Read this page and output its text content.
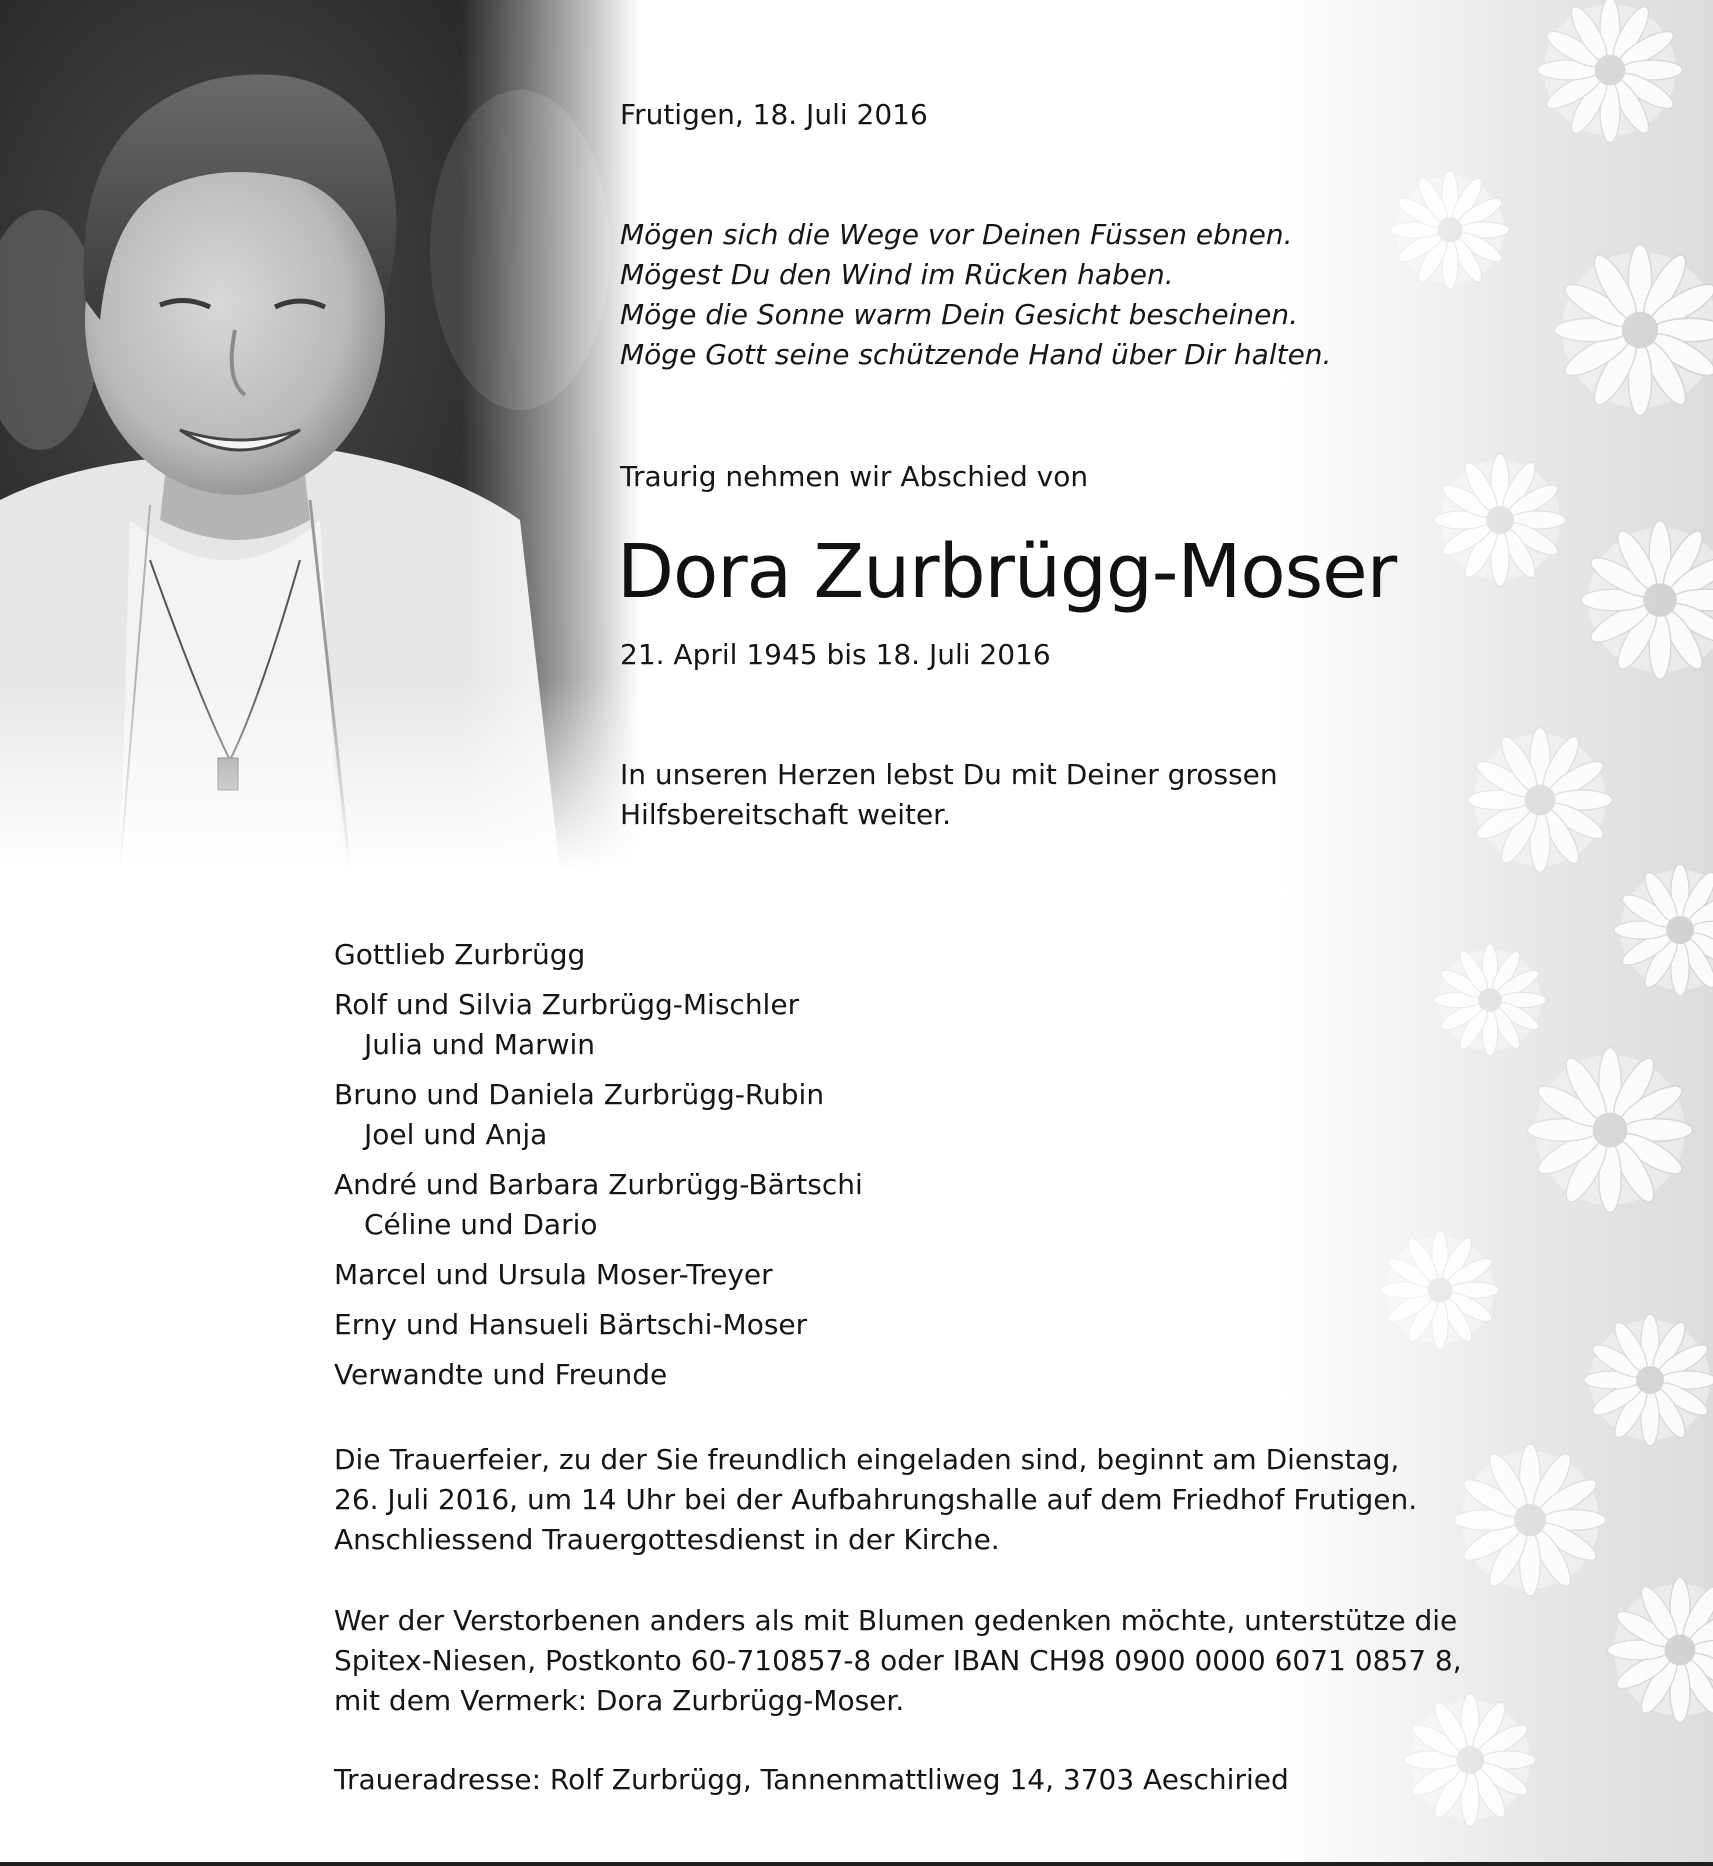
Frutigen, 18. Juli 2016
Mögen sich die Wege vor Deinen Füssen ebnen.
Mögest Du den Wind im Rücken haben.
Möge die Sonne warm Dein Gesicht bescheinen.
Möge Gott seine schützende Hand über Dir halten.
Traurig nehmen wir Abschied von
Dora Zurbrügg-Moser
21. April 1945 bis 18. Juli 2016
In unseren Herzen lebst Du mit Deiner grossen
Hilfsbereitschaft weiter.
Gottlieb Zurbrügg
Rolf und Silvia Zurbrügg-Mischler
Julia und Marwin
Bruno und Daniela Zurbrügg-Rubin
Joel und Anja
André und Barbara Zurbrügg-Bärtschi
Céline und Dario
Marcel und Ursula Moser-Treyer
Erny und Hansueli Bärtschi-Moser
Verwandte und Freunde
Die Trauerfeier, zu der Sie freundlich eingeladen sind, beginnt am Dienstag,
26. Juli 2016, um 14 Uhr bei der Aufbahrungshalle auf dem Friedhof Frutigen.
Anschliessend Trauergottesdienst in der Kirche.
Wer der Verstorbenen anders als mit Blumen gedenken möchte, unterstütze die
Spitex-Niesen, Postkonto 60-710857-8 oder IBAN CH98 0900 0000 6071 0857 8,
mit dem Vermerk: Dora Zurbrügg-Moser.
Traueradresse: Rolf Zurbrügg, Tannenmattliweg 14, 3703 Aeschiried
